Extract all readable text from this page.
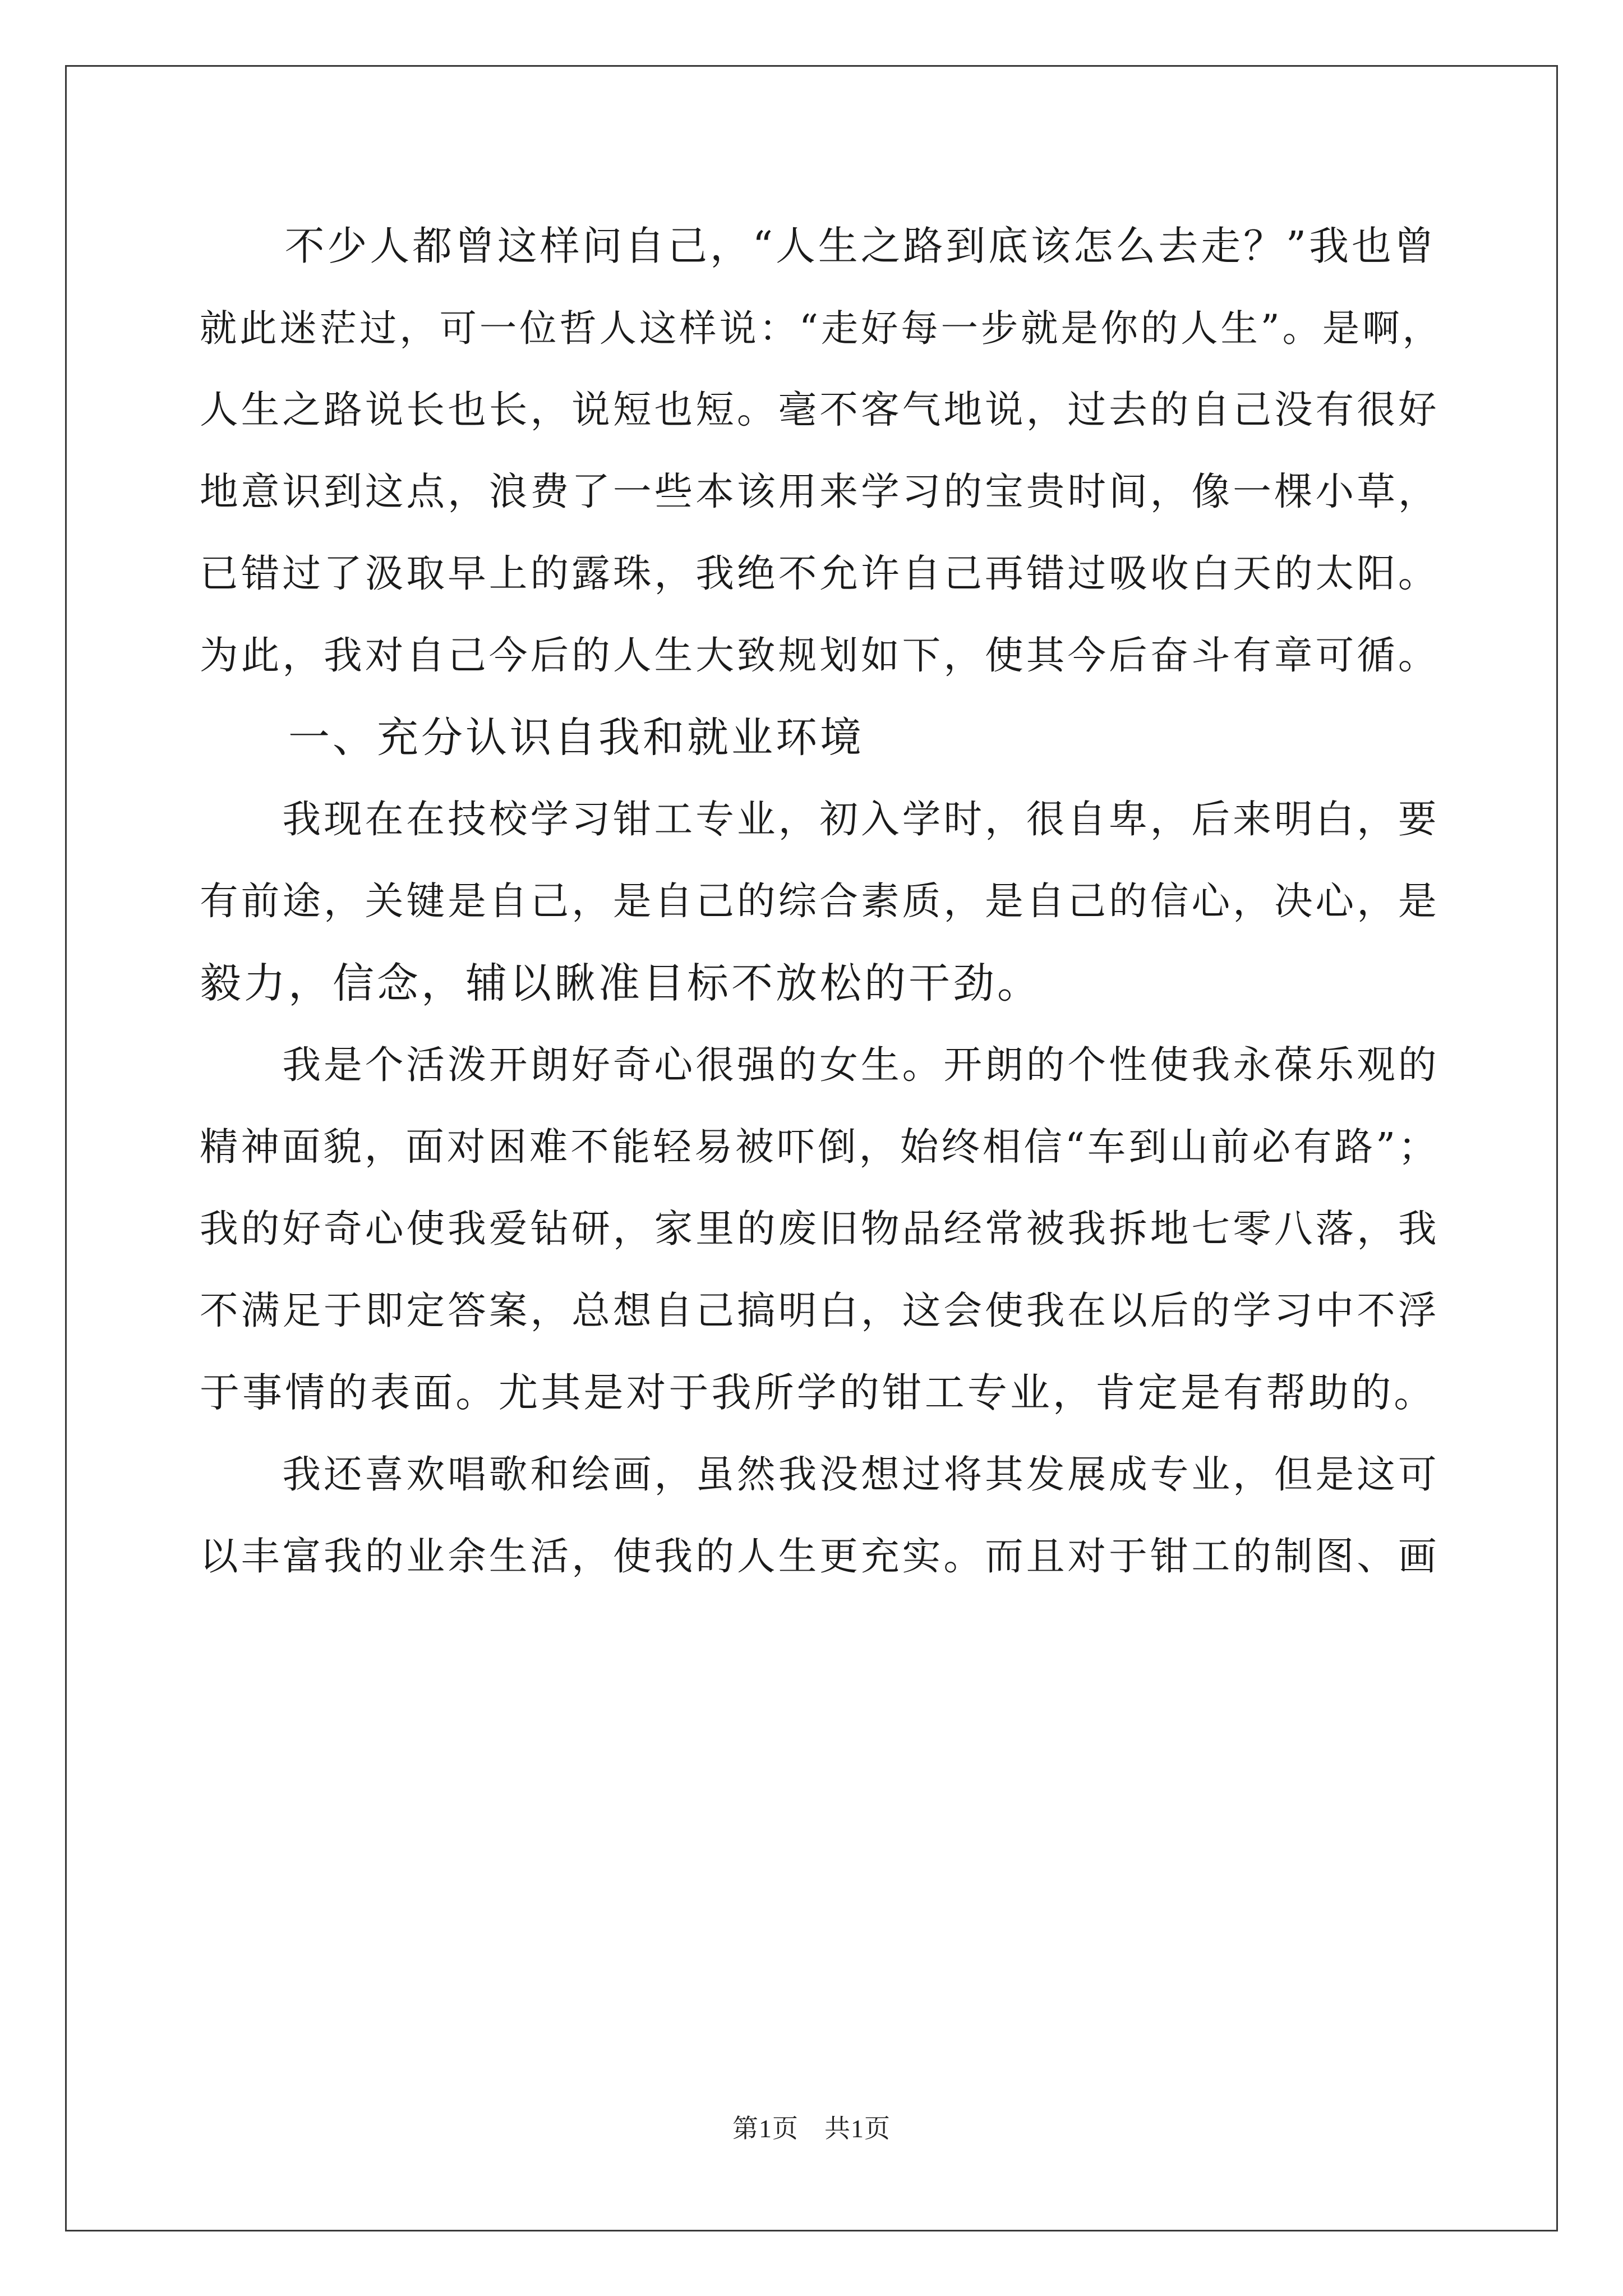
　　不少人都曾这样问自己，“人生之路到底该怎么去走？”我也曾
就此迷茫过，可一位哲人这样说：“走好每一步就是你的人生”。是啊，
人生之路说长也长，说短也短。毫不客气地说，过去的自己没有很好
地意识到这点，浪费了一些本该用来学习的宝贵时间，像一棵小草，
已错过了汲取早上的露珠，我绝不允许自己再错过吸收白天的太阳。
为此，我对自己今后的人生大致规划如下，使其今后奋斗有章可循。
　　一、充分认识自我和就业环境
　　我现在在技校学习钳工专业，初入学时，很自卑，后来明白，要
有前途，关键是自己，是自己的综合素质，是自己的信心，决心，是
毅力，信念，辅以瞅准目标不放松的干劲。
　　我是个活泼开朗好奇心很强的女生。开朗的个性使我永葆乐观的
精神面貌，面对困难不能轻易被吓倒，始终相信“车到山前必有路”；
我的好奇心使我爱钻研，家里的废旧物品经常被我拆地七零八落，我
不满足于即定答案，总想自己搞明白，这会使我在以后的学习中不浮
于事情的表面。尤其是对于我所学的钳工专业，肯定是有帮助的。
　　我还喜欢唱歌和绘画，虽然我没想过将其发展成专业，但是这可
以丰富我的业余生活，使我的人生更充实。而且对于钳工的制图、画
第1页 共1页
